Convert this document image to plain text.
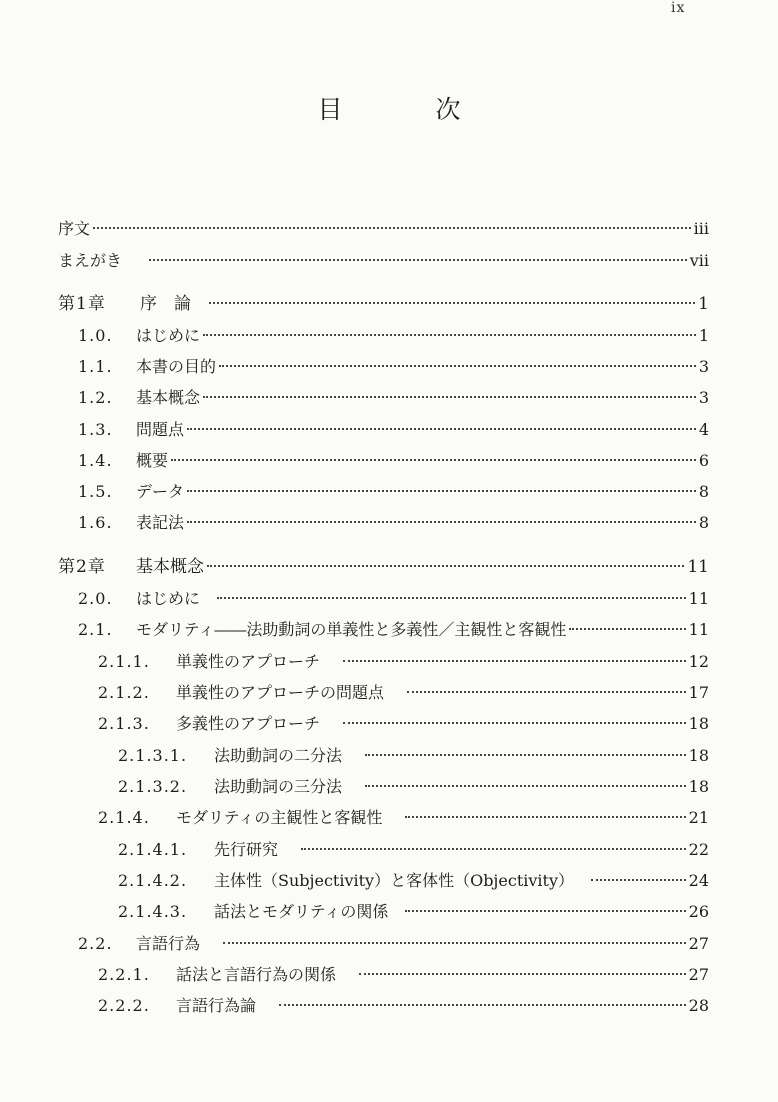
ix
目　次
序文	iii
まえがき	vii
第1章	序　論	1
1.0.	はじめに	1
1.1.	本書の目的	3
1.2.	基本概念	3
1.3.	問題点	4
1.4.	概要	6
1.5.	データ	8
1.6.	表記法	8
第2章	基本概念	11
2.0.	はじめに	11
2.1.	モダリティ――法助動詞の単義性と多義性／主観性と客観性	11
2.1.1.	単義性のアプローチ	12
2.1.2.	単義性のアプローチの問題点	17
2.1.3.	多義性のアプローチ	18
2.1.3.1.	法助動詞の二分法	18
2.1.3.2.	法助動詞の三分法	18
2.1.4.	モダリティの主観性と客観性	21
2.1.4.1.	先行研究	22
2.1.4.2.	主体性（Subjectivity）と客体性（Objectivity）	24
2.1.4.3.	話法とモダリティの関係	26
2.2.	言語行為	27
2.2.1.	話法と言語行為の関係	27
2.2.2.	言語行為論	28
